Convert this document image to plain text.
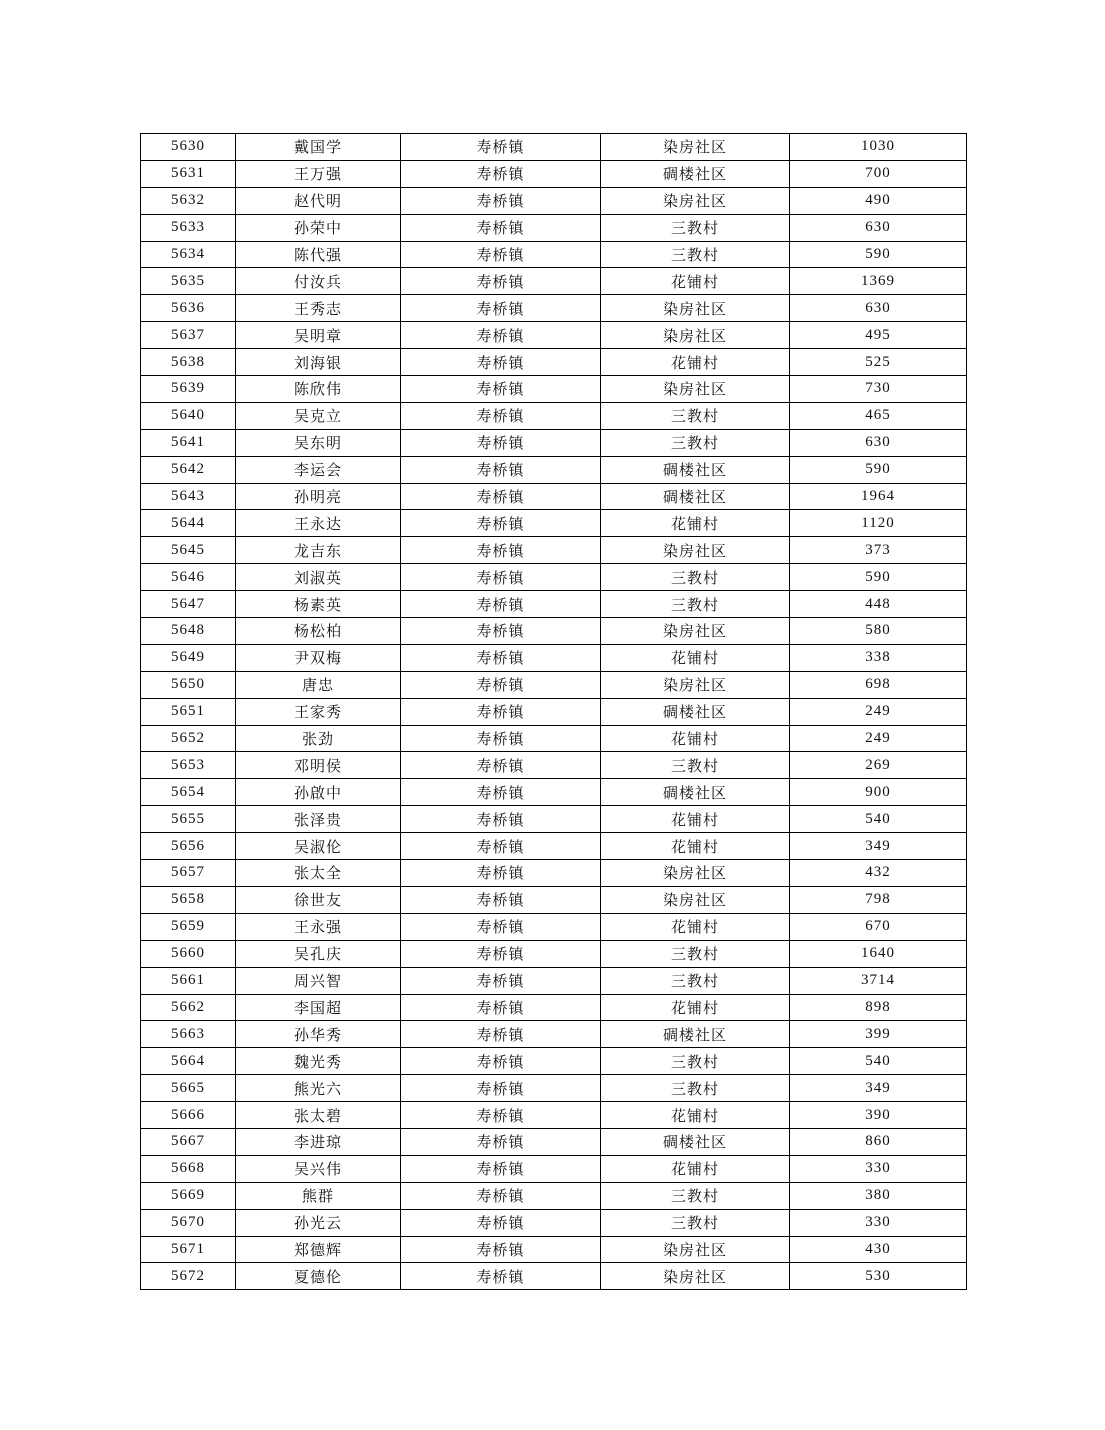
5630	戴国学	寿桥镇	染房社区	1030
5631	王万强	寿桥镇	碉楼社区	700
5632	赵代明	寿桥镇	染房社区	490
5633	孙荣中	寿桥镇	三教村	630
5634	陈代强	寿桥镇	三教村	590
5635	付汝兵	寿桥镇	花铺村	1369
5636	王秀志	寿桥镇	染房社区	630
5637	吴明章	寿桥镇	染房社区	495
5638	刘海银	寿桥镇	花铺村	525
5639	陈欣伟	寿桥镇	染房社区	730
5640	吴克立	寿桥镇	三教村	465
5641	吴东明	寿桥镇	三教村	630
5642	李运会	寿桥镇	碉楼社区	590
5643	孙明亮	寿桥镇	碉楼社区	1964
5644	王永达	寿桥镇	花铺村	1120
5645	龙吉东	寿桥镇	染房社区	373
5646	刘淑英	寿桥镇	三教村	590
5647	杨素英	寿桥镇	三教村	448
5648	杨松柏	寿桥镇	染房社区	580
5649	尹双梅	寿桥镇	花铺村	338
5650	唐忠	寿桥镇	染房社区	698
5651	王家秀	寿桥镇	碉楼社区	249
5652	张劲	寿桥镇	花铺村	249
5653	邓明侯	寿桥镇	三教村	269
5654	孙啟中	寿桥镇	碉楼社区	900
5655	张泽贵	寿桥镇	花铺村	540
5656	吴淑伦	寿桥镇	花铺村	349
5657	张太全	寿桥镇	染房社区	432
5658	徐世友	寿桥镇	染房社区	798
5659	王永强	寿桥镇	花铺村	670
5660	吴孔庆	寿桥镇	三教村	1640
5661	周兴智	寿桥镇	三教村	3714
5662	李国超	寿桥镇	花铺村	898
5663	孙华秀	寿桥镇	碉楼社区	399
5664	魏光秀	寿桥镇	三教村	540
5665	熊光六	寿桥镇	三教村	349
5666	张太碧	寿桥镇	花铺村	390
5667	李进琼	寿桥镇	碉楼社区	860
5668	吴兴伟	寿桥镇	花铺村	330
5669	熊群	寿桥镇	三教村	380
5670	孙光云	寿桥镇	三教村	330
5671	郑德辉	寿桥镇	染房社区	430
5672	夏德伦	寿桥镇	染房社区	530
